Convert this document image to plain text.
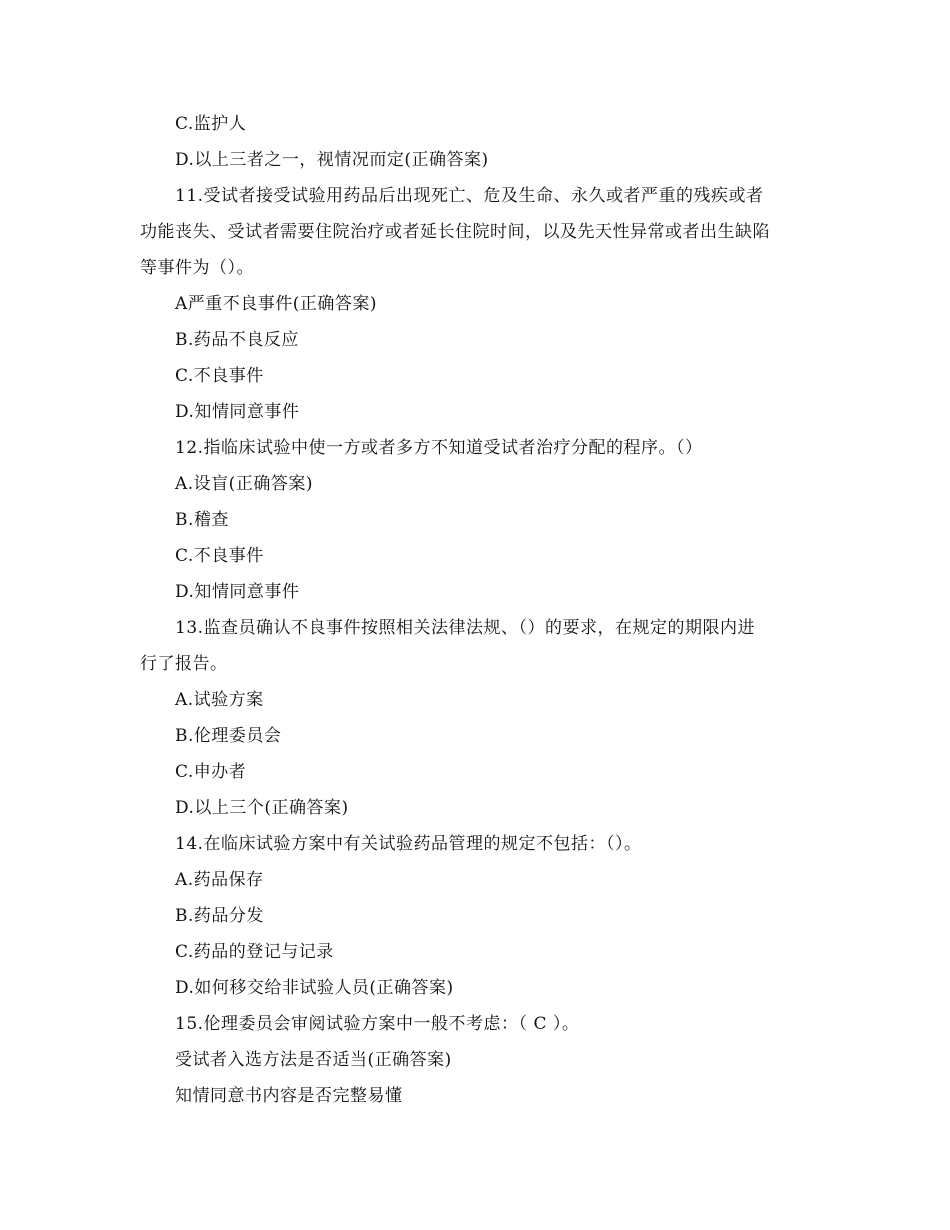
C.监护人
D.以上三者之一，视情况而定(正确答案)
11.受试者接受试验用药品后出现死亡、危及生命、永久或者严重的残疾或者
功能丧失、受试者需要住院治疗或者延长住院时间，以及先天性异常或者出生缺陷
等事件为（）。
A严重不良事件(正确答案)
B.药品不良反应
C.不良事件
D.知情同意事件
12.指临床试验中使一方或者多方不知道受试者治疗分配的程序。（）
A.设盲(正确答案)
B.稽查
C.不良事件
D.知情同意事件
13.监查员确认不良事件按照相关法律法规、（）的要求，在规定的期限内进
行了报告。
A.试验方案
B.伦理委员会
C.申办者
D.以上三个(正确答案)
14.在临床试验方案中有关试验药品管理的规定不包括：（）。
A.药品保存
B.药品分发
C.药品的登记与记录
D.如何移交给非试验人员(正确答案)
15.伦理委员会审阅试验方案中一般不考虑：（ C ）。
受试者入选方法是否适当(正确答案)
知情同意书内容是否完整易懂
